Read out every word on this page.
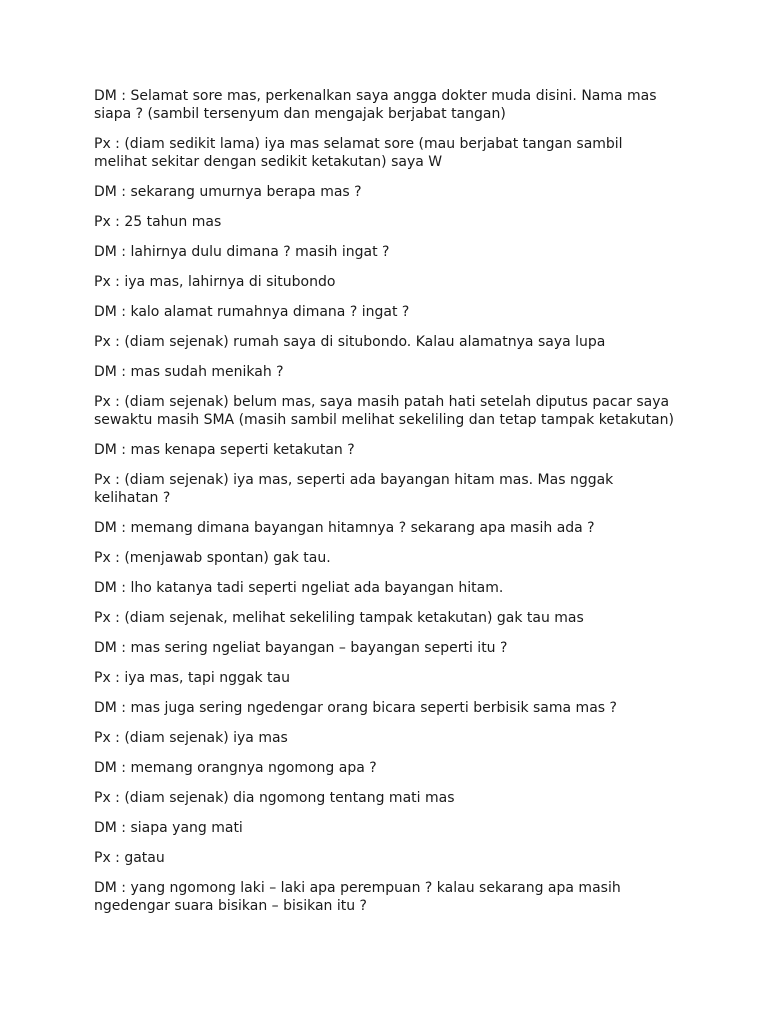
DM : Selamat sore mas, perkenalkan saya angga dokter muda disini. Nama mas siapa ? (sambil tersenyum dan mengajak berjabat tangan)

Px : (diam sedikit lama) iya mas selamat sore (mau berjabat tangan sambil melihat sekitar dengan sedikit ketakutan) saya W

DM : sekarang umurnya berapa mas ?

Px : 25 tahun mas

DM : lahirnya dulu dimana ? masih ingat ?

Px : iya mas, lahirnya di situbondo

DM : kalo alamat rumahnya dimana ? ingat ?

Px : (diam sejenak) rumah saya di situbondo. Kalau alamatnya saya lupa

DM : mas sudah menikah ?

Px : (diam sejenak) belum mas, saya masih patah hati setelah diputus pacar saya sewaktu masih SMA (masih sambil melihat sekeliling dan tetap tampak ketakutan)

DM : mas kenapa seperti ketakutan ?

Px : (diam sejenak) iya mas, seperti ada bayangan hitam mas. Mas nggak kelihatan ?

DM : memang dimana bayangan hitamnya ? sekarang apa masih ada ?

Px : (menjawab spontan) gak tau.

DM : lho katanya tadi seperti ngeliat ada bayangan hitam.

Px : (diam sejenak, melihat sekeliling tampak ketakutan) gak tau mas

DM : mas sering ngeliat bayangan – bayangan seperti itu ?

Px : iya mas, tapi nggak tau

DM : mas juga sering ngedengar orang bicara seperti berbisik sama mas ?

Px : (diam sejenak) iya mas

DM : memang orangnya ngomong apa ?

Px : (diam sejenak) dia ngomong tentang mati mas

DM : siapa yang mati

Px : gatau

DM : yang ngomong laki – laki apa perempuan ? kalau sekarang apa masih ngedengar suara bisikan – bisikan itu ?
